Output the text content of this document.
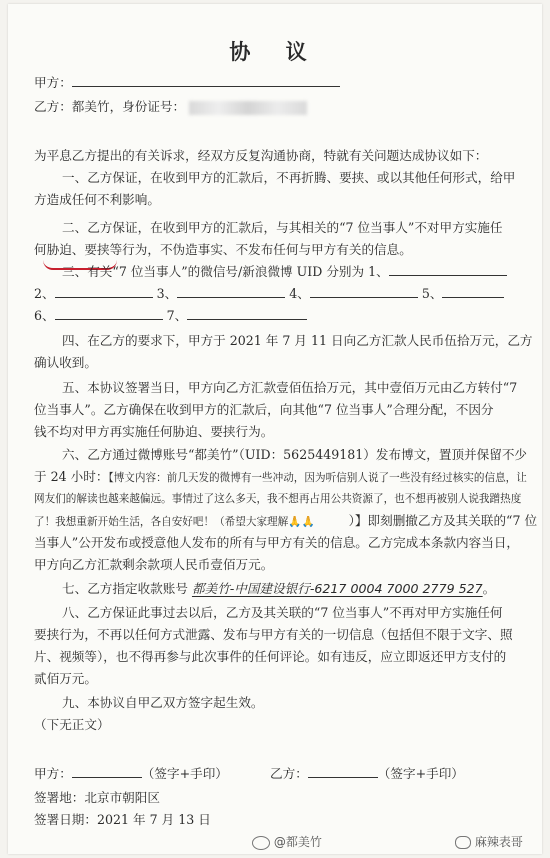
协 议
甲方：
乙方：都美竹，身份证号：
为平息乙方提出的有关诉求，经双方反复沟通协商，特就有关问题达成协议如下：
一、乙方保证，在收到甲方的汇款后，不再折腾、要挟、或以其他任何形式，给甲
方造成任何不利影响。
二、乙方保证，在收到甲方的汇款后，与其相关的“7 位当事人”不对甲方实施任
何胁迫、要挟等行为，不伪造事实、不发布任何与甲方有关的信息。
三、有关“7 位当事人”的微信号/新浪微博 UID 分别为 1、
2、	3、	4、	5、
6、	7、
四、在乙方的要求下，甲方于 2021 年 7 月 11 日向乙方汇款人民币伍拾万元，乙方
确认收到。
五、本协议签署当日，甲方向乙方汇款壹佰伍拾万元，其中壹佰万元由乙方转付“7
位当事人”。乙方确保在收到甲方的汇款后，向其他“7 位当事人”合理分配，不因分
钱不均对甲方再实施任何胁迫、要挟行为。
六、乙方通过微博账号“都美竹”（UID：5625449181）发布博文，置顶并保留不少
于 24 小时：【博文内容：前几天发的微博有一些冲动，因为听信别人说了一些没有经过核实的信息，让
网友们的解读也越来越偏远。事情过了这么多天，我不想再占用公共资源了，也不想再被别人说我蹭热度
了！我想重新开始生活，各自安好吧！（希望大家理解🙏🙏	）】即刻删撤乙方及其关联的“7 位
当事人”公开发布或授意他人发布的所有与甲方有关的信息。乙方完成本条款内容当日，
甲方向乙方汇款剩余款项人民币壹佰万元。
七、乙方指定收款账号 都美竹-中国建设银行-6217 0004 7000 2779 527。
八、乙方保证此事过去以后，乙方及其关联的“7 位当事人”不再对甲方实施任何
要挟行为，不再以任何方式泄露、发布与甲方有关的一切信息（包括但不限于文字、照
片、视频等），也不得再参与此次事件的任何评论。如有违反，应立即返还甲方支付的
贰佰万元。
九、本协议自甲乙双方签字起生效。
（下无正文）
甲方：	（签字+手印）	乙方：	（签字+手印）
签署地：北京市朝阳区
签署日期：2021 年 7 月 13 日
@都美竹	麻辣表哥
